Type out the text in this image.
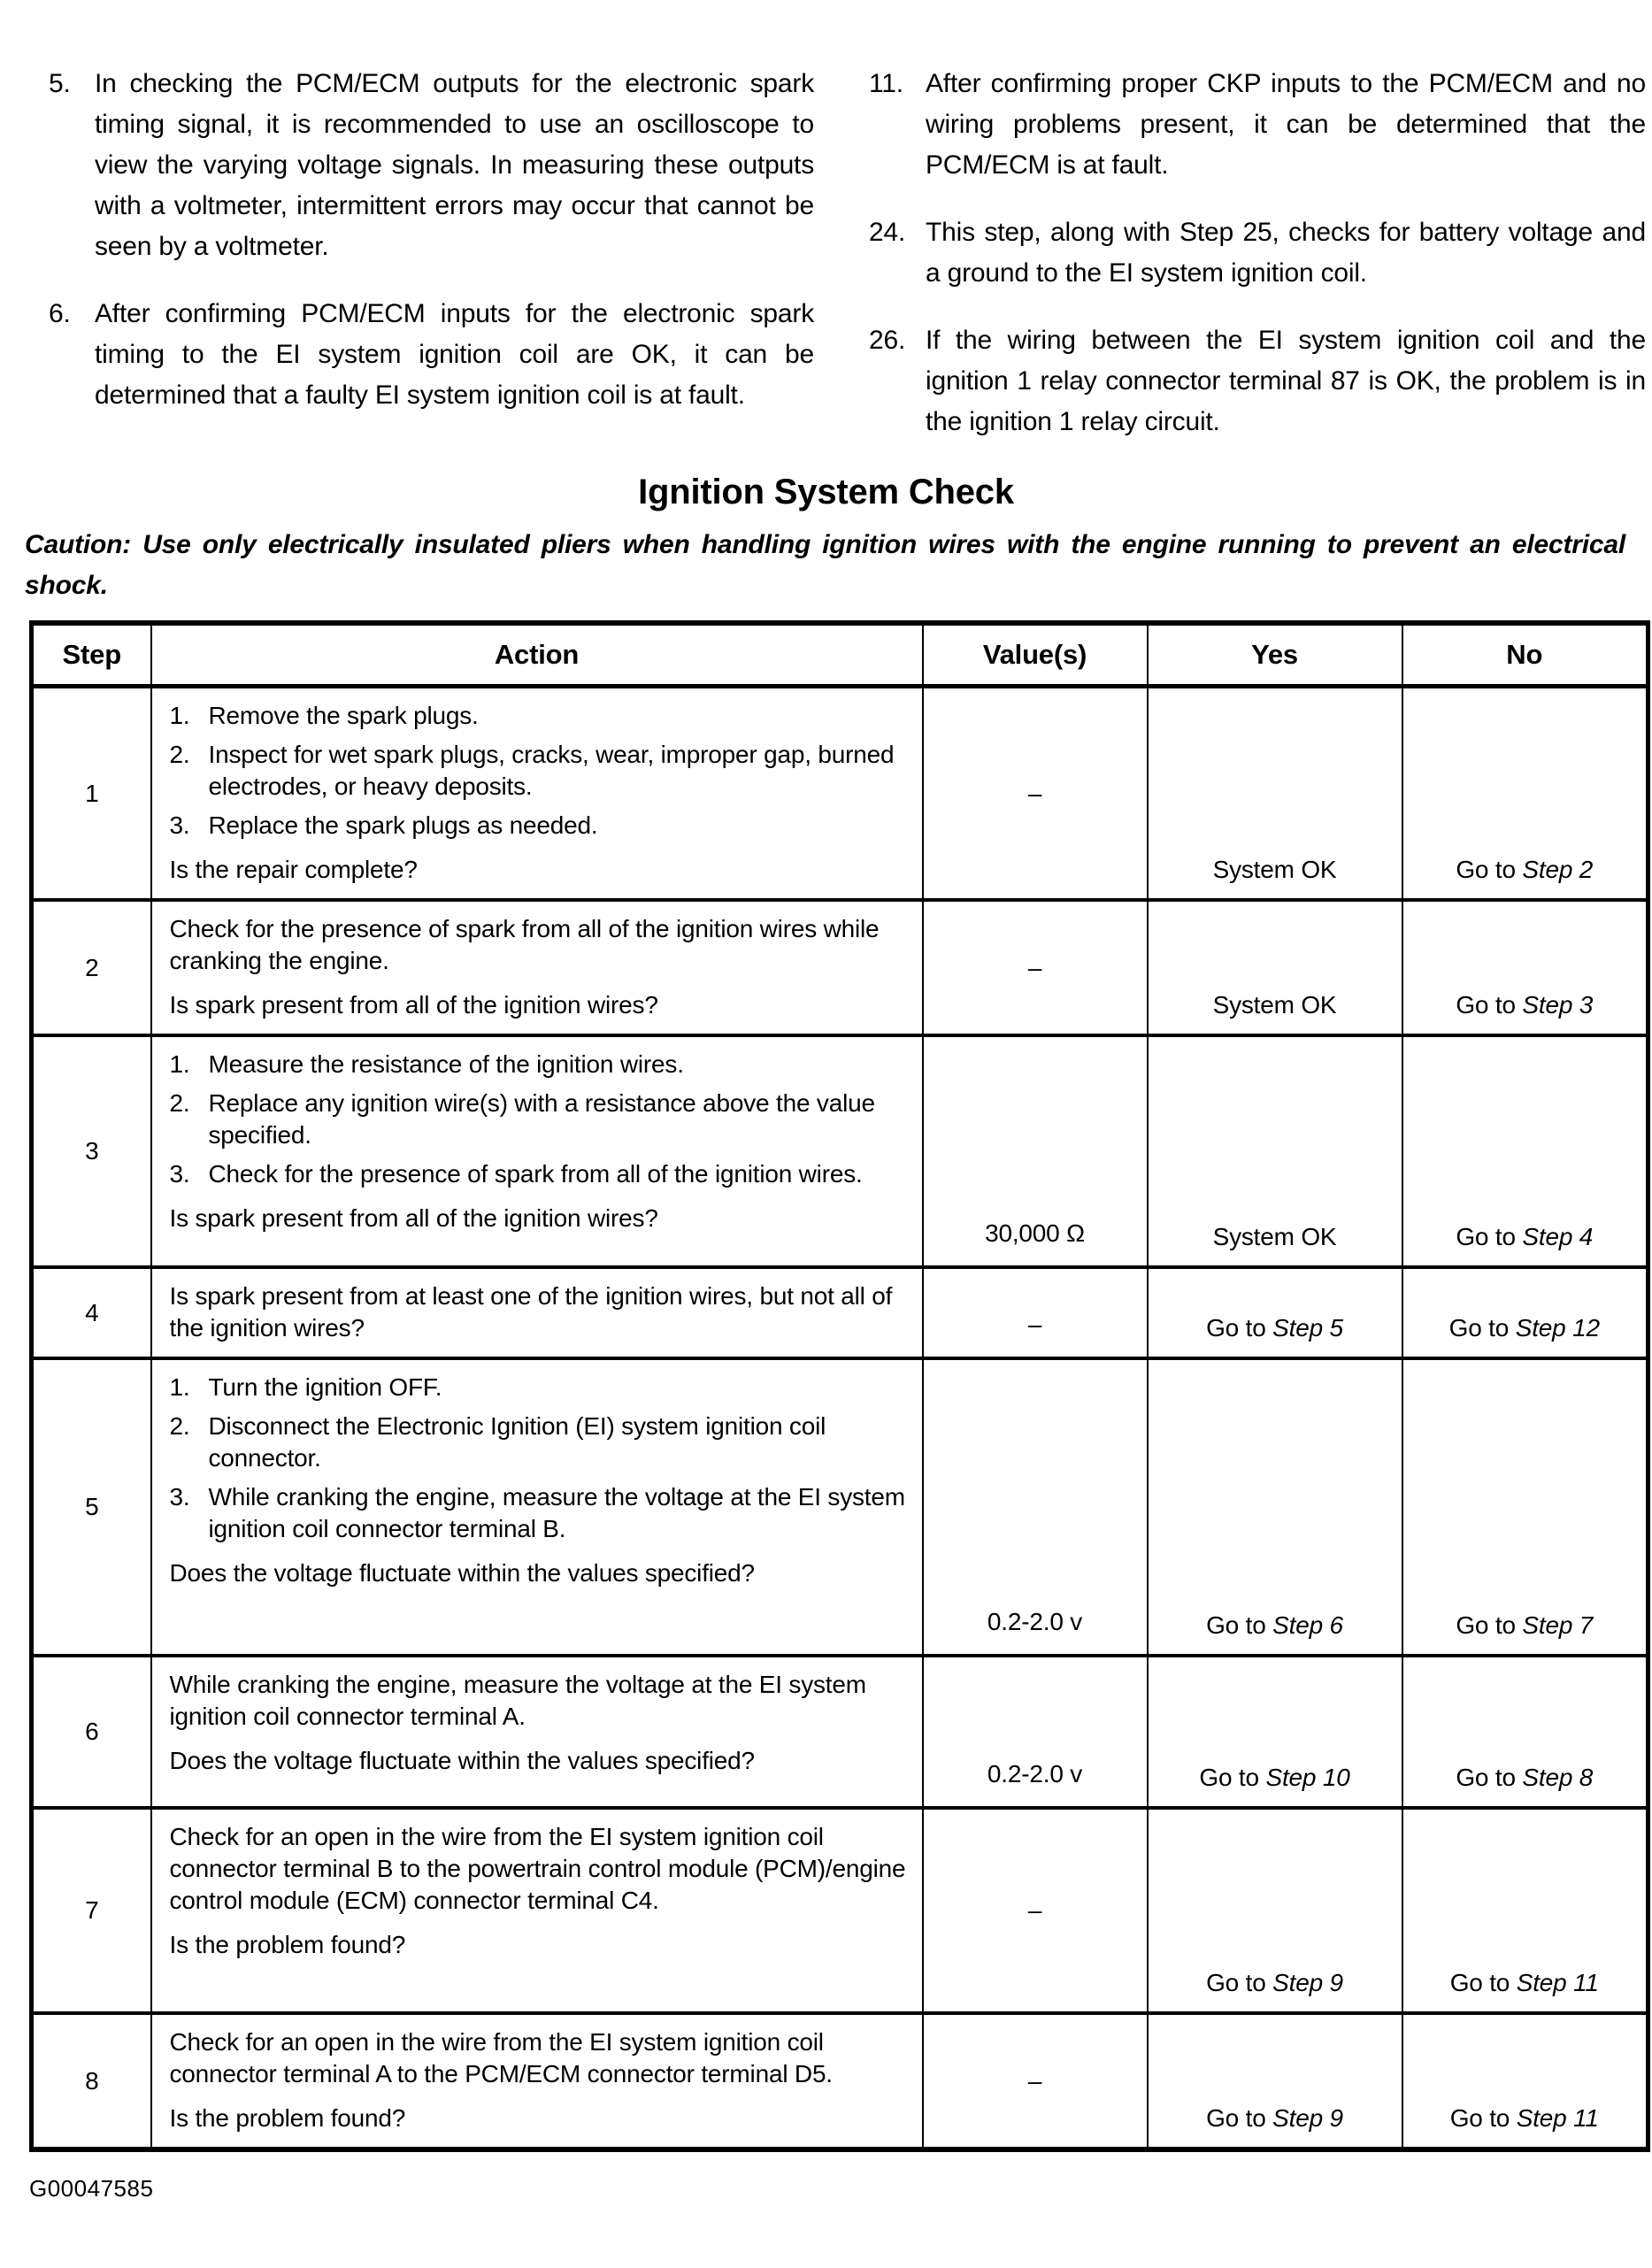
5. In checking the PCM/ECM outputs for the electronic spark timing signal, it is recommended to use an oscilloscope to view the varying voltage signals. In measuring these outputs with a voltmeter, intermittent errors may occur that cannot be seen by a voltmeter.
6. After confirming PCM/ECM inputs for the electronic spark timing to the EI system ignition coil are OK, it can be determined that a faulty EI system ignition coil is at fault.
11. After confirming proper CKP inputs to the PCM/ECM and no wiring problems present, it can be determined that the PCM/ECM is at fault.
24. This step, along with Step 25, checks for battery voltage and a ground to the EI system ignition coil.
26. If the wiring between the EI system ignition coil and the ignition 1 relay connector terminal 87 is OK, the problem is in the ignition 1 relay circuit.
Ignition System Check

Caution: Use only electrically insulated pliers when handling ignition wires with the engine running to prevent an electrical shock.

Step	Action	Value(s)	Yes	No
1	
1. Remove the spark plugs.
2. Inspect for wet spark plugs, cracks, wear, improper gap, burned electrodes, or heavy deposits.
3. Replace the spark plugs as needed.
Is the repair complete?
	–	System OK	Go to Step 2
2	Check for the presence of spark from all of the ignition wires while cranking the engine.
Is spark present from all of the ignition wires?	–	System OK	Go to Step 3
3	
1. Measure the resistance of the ignition wires.
2. Replace any ignition wire(s) with a resistance above the value specified.
3. Check for the presence of spark from all of the ignition wires.
Is spark present from all of the ignition wires?
	30,000 Ω	System OK	Go to Step 4
4	Is spark present from at least one of the ignition wires, but not all of the ignition wires?	–	Go to Step 5	Go to Step 12
5	
1. Turn the ignition OFF.
2. Disconnect the Electronic Ignition (EI) system ignition coil connector.
3. While cranking the engine, measure the voltage at the EI system ignition coil connector terminal B.
Does the voltage fluctuate within the values specified?
	0.2-2.0 v	Go to Step 6	Go to Step 7
6	While cranking the engine, measure the voltage at the EI system ignition coil connector terminal A.
Does the voltage fluctuate within the values specified?	0.2-2.0 v	Go to Step 10	Go to Step 8
7	Check for an open in the wire from the EI system ignition coil connector terminal B to the powertrain control module (PCM)/engine control module (ECM) connector terminal C4.
Is the problem found?	–	Go to Step 9	Go to Step 11
8	Check for an open in the wire from the EI system ignition coil connector terminal A to the PCM/ECM connector terminal D5.
Is the problem found?	–	Go to Step 9	Go to Step 11
G00047585
